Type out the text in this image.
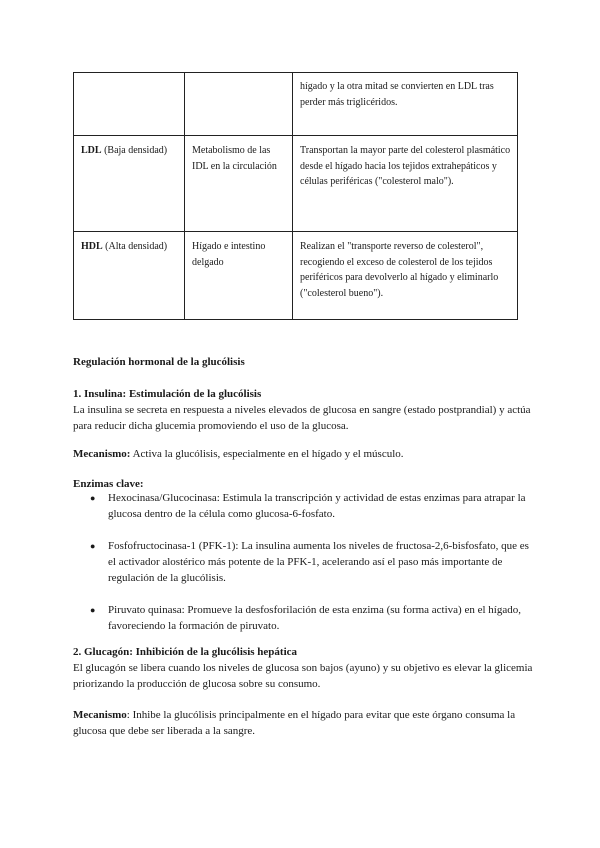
		hígado y la otra mitad se convierten en LDL tras perder más triglicéridos.
LDL (Baja densidad)	Metabolismo de las IDL en la circulación	Transportan la mayor parte del colesterol plasmático desde el hígado hacia los tejidos extrahepáticos y células periféricas ("colesterol malo").
HDL (Alta densidad)	Hígado e intestino delgado	Realizan el "transporte reverso de colesterol", recogiendo el exceso de colesterol de los tejidos periféricos para devolverlo al hígado y eliminarlo ("colesterol bueno").
Regulación hormonal de la glucólisis
1. Insulina: Estimulación de la glucólisis
La insulina se secreta en respuesta a niveles elevados de glucosa en sangre (estado postprandial) y actúa para reducir dicha glucemia promoviendo el uso de la glucosa.
Mecanismo: Activa la glucólisis, especialmente en el hígado y el músculo.
Enzimas clave:
● Hexocinasa/Glucocinasa: Estimula la transcripción y actividad de estas enzimas para atrapar la glucosa dentro de la célula como glucosa-6-fosfato.
● Fosfofructocinasa-1 (PFK-1): La insulina aumenta los niveles de fructosa-2,6-bisfosfato, que es el activador alostérico más potente de la PFK-1, acelerando así el paso más importante de regulación de la glucólisis.
● Piruvato quinasa: Promueve la desfosforilación de esta enzima (su forma activa) en el hígado, favoreciendo la formación de piruvato.
2. Glucagón: Inhibición de la glucólisis hepática
El glucagón se libera cuando los niveles de glucosa son bajos (ayuno) y su objetivo es elevar la glicemia priorizando la producción de glucosa sobre su consumo.
Mecanismo: Inhibe la glucólisis principalmente en el hígado para evitar que este órgano consuma la glucosa que debe ser liberada a la sangre.
